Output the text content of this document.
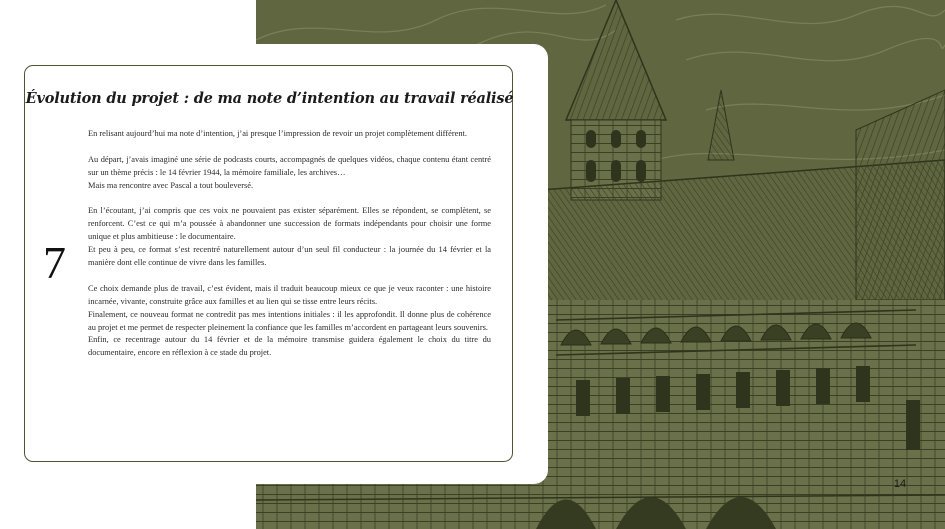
Évolution du projet : de ma note d’intention au travail réalisé
7

En relisant aujourd’hui ma note d’intention, j’ai presque l’impression de revoir un projet complètement différent.

Au départ, j’avais imaginé une série de podcasts courts, accompagnés de quelques vidéos, chaque contenu étant centré sur un thème précis : le 14 février 1944, la mémoire familiale, les archives…

Mais ma rencontre avec Pascal a tout bouleversé.

En l’écoutant, j’ai compris que ces voix ne pouvaient pas exister séparément. Elles se répondent, se complètent, se renforcent. C’est ce qui m’a poussée à abandonner une succession de formats indépendants pour choisir une forme unique et plus ambitieuse : le documentaire.

Et peu à peu, ce format s’est recentré naturellement autour d’un seul fil conducteur : la journée du 14 février et la manière dont elle continue de vivre dans les familles.

Ce choix demande plus de travail, c’est évident, mais il traduit beaucoup mieux ce que je veux raconter : une histoire incarnée, vivante, construite grâce aux familles et au lien qui se tisse entre leurs récits.

Finalement, ce nouveau format ne contredit pas mes intentions initiales : il les approfondit. Il donne plus de cohérence au projet et me permet de respecter pleinement la confiance que les familles m’accordent en partageant leurs souvenirs.

Enfin, ce recentrage autour du 14 février et de la mémoire transmise guidera également le choix du titre du documentaire, encore en réflexion à ce stade du projet.

14
